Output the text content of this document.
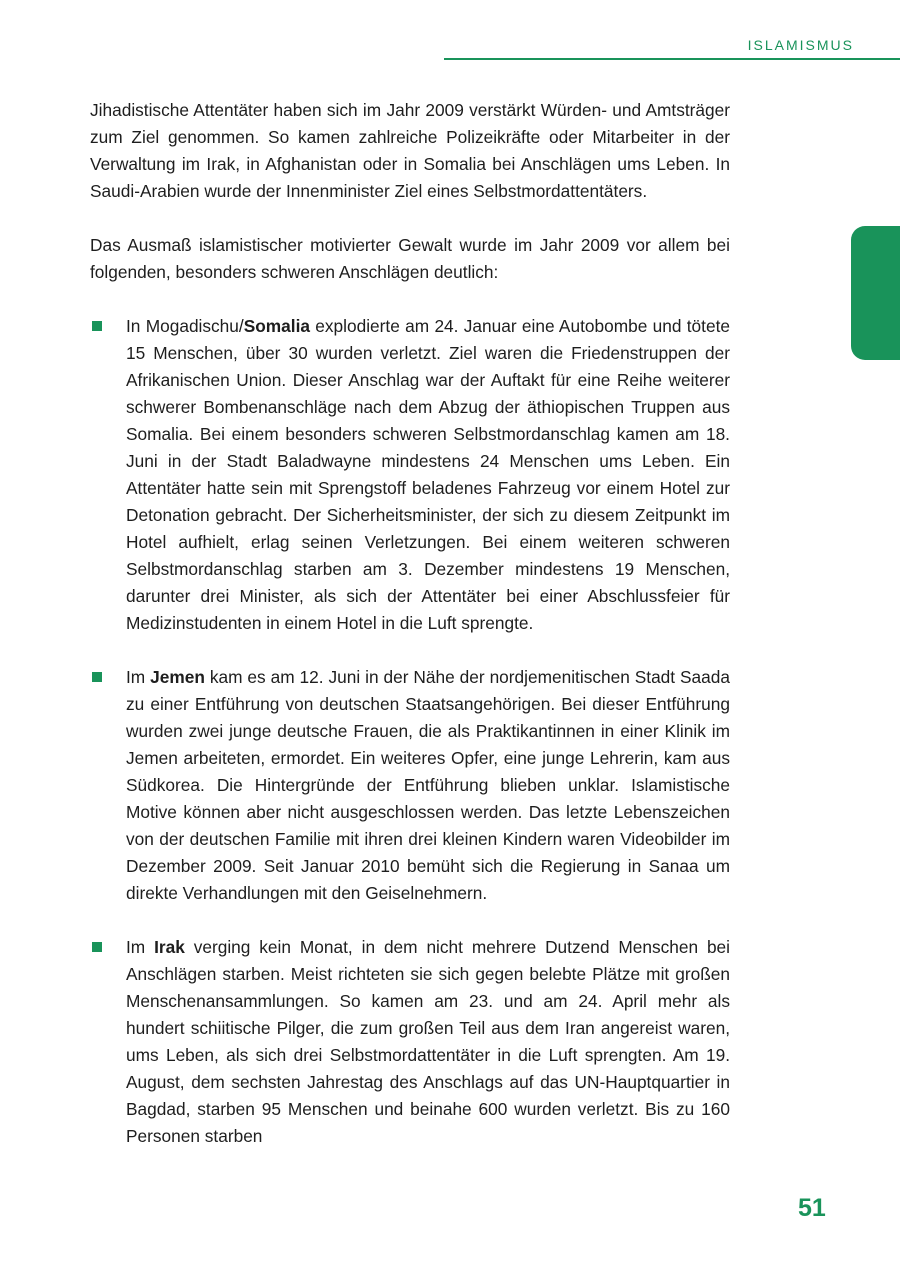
ISLAMISMUS

Jihadistische Attentäter haben sich im Jahr 2009 verstärkt Würden- und Amtsträger zum Ziel genommen. So kamen zahlreiche Polizeikräfte oder Mitarbeiter in der Verwaltung im Irak, in Afghanistan oder in Somalia bei Anschlägen ums Leben. In Saudi-Arabien wurde der Innenminister Ziel eines Selbstmordattentäters.

Das Ausmaß islamistischer motivierter Gewalt wurde im Jahr 2009 vor allem bei folgenden, besonders schweren Anschlägen deutlich:

In Mogadischu/Somalia explodierte am 24. Januar eine Autobombe und tötete 15 Menschen, über 30 wurden verletzt. Ziel waren die Friedenstruppen der Afrikanischen Union. Dieser Anschlag war der Auftakt für eine Reihe weiterer schwerer Bombenanschläge nach dem Abzug der äthiopischen Truppen aus Somalia. Bei einem besonders schweren Selbstmordanschlag kamen am 18. Juni in der Stadt Baladwayne mindestens 24 Menschen ums Leben. Ein Attentäter hatte sein mit Sprengstoff beladenes Fahrzeug vor einem Hotel zur Detonation gebracht. Der Sicherheitsminister, der sich zu diesem Zeitpunkt im Hotel aufhielt, erlag seinen Verletzungen. Bei einem weiteren schweren Selbstmordanschlag starben am 3. Dezember mindestens 19 Menschen, darunter drei Minister, als sich der Attentäter bei einer Abschlussfeier für Medizinstudenten in einem Hotel in die Luft sprengte.
Im Jemen kam es am 12. Juni in der Nähe der nordjemenitischen Stadt Saada zu einer Entführung von deutschen Staatsangehörigen. Bei dieser Entführung wurden zwei junge deutsche Frauen, die als Praktikantinnen in einer Klinik im Jemen arbeiteten, ermordet. Ein weiteres Opfer, eine junge Lehrerin, kam aus Südkorea. Die Hintergründe der Entführung blieben unklar. Islamistische Motive können aber nicht ausgeschlossen werden. Das letzte Lebenszeichen von der deutschen Familie mit ihren drei kleinen Kindern waren Videobilder im Dezember 2009. Seit Januar 2010 bemüht sich die Regierung in Sanaa um direkte Verhandlungen mit den Geiselnehmern.
Im Irak verging kein Monat, in dem nicht mehrere Dutzend Menschen bei Anschlägen starben. Meist richteten sie sich gegen belebte Plätze mit großen Menschenansammlungen. So kamen am 23. und am 24. April mehr als hundert schiitische Pilger, die zum großen Teil aus dem Iran angereist waren, ums Leben, als sich drei Selbstmordattentäter in die Luft sprengten. Am 19. August, dem sechsten Jahrestag des Anschlags auf das UN-Hauptquartier in Bagdad, starben 95 Menschen und beinahe 600 wurden verletzt. Bis zu 160 Personen starben
51
